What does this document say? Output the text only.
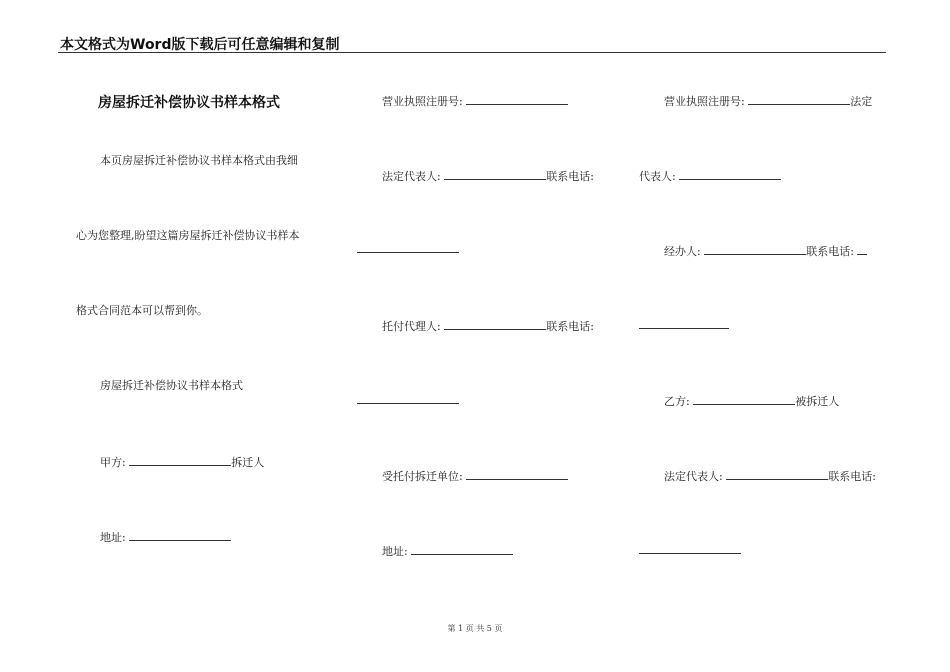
本文格式为Word版下载后可任意编辑和复制
房屋拆迁补偿协议书样本格式
本页房屋拆迁补偿协议书样本格式由我细
心为您整理,盼望这篇房屋拆迁补偿协议书样本
格式合同范本可以帮到你。
房屋拆迁补偿协议书样本格式
甲方:	拆迁人
地址:
营业执照注册号:
法定代表人:	联系电话:
托付代理人:	联系电话:
受托付拆迁单位:
地址:
营业执照注册号:	法定
代表人:
经办人:	联系电话:
乙方:	被拆迁人
法定代表人:	联系电话:
第 1 页 共 5 页
